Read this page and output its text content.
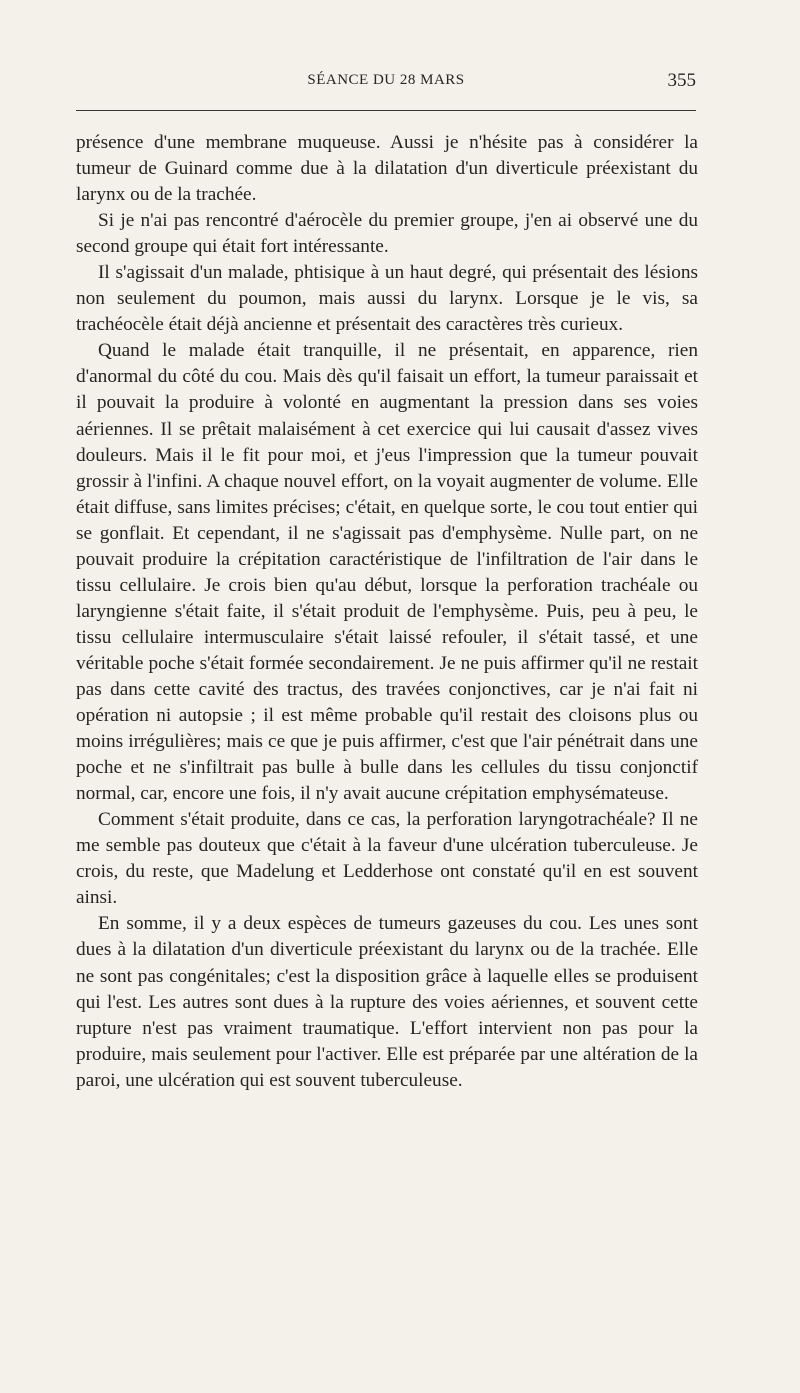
SÉANCE DU 28 MARS	355

présence d'une membrane muqueuse. Aussi je n'hésite pas à considérer la tumeur de Guinard comme due à la dilatation d'un diverticule préexistant du larynx ou de la trachée.

Si je n'ai pas rencontré d'aérocèle du premier groupe, j'en ai observé une du second groupe qui était fort intéressante.

Il s'agissait d'un malade, phtisique à un haut degré, qui présentait des lésions non seulement du poumon, mais aussi du larynx. Lorsque je le vis, sa trachéocèle était déjà ancienne et présentait des caractères très curieux.

Quand le malade était tranquille, il ne présentait, en apparence, rien d'anormal du côté du cou. Mais dès qu'il faisait un effort, la tumeur paraissait et il pouvait la produire à volonté en augmentant la pression dans ses voies aériennes. Il se prêtait malaisément à cet exercice qui lui causait d'assez vives douleurs. Mais il le fit pour moi, et j'eus l'impression que la tumeur pouvait grossir à l'infini. A chaque nouvel effort, on la voyait augmenter de volume. Elle était diffuse, sans limites précises; c'était, en quelque sorte, le cou tout entier qui se gonflait. Et cependant, il ne s'agissait pas d'emphysème. Nulle part, on ne pouvait produire la crépitation caractéristique de l'infiltration de l'air dans le tissu cellulaire. Je crois bien qu'au début, lorsque la perforation trachéale ou laryngienne s'était faite, il s'était produit de l'emphysème. Puis, peu à peu, le tissu cellulaire intermusculaire s'était laissé refouler, il s'était tassé, et une véritable poche s'était formée secondairement. Je ne puis affirmer qu'il ne restait pas dans cette cavité des tractus, des travées conjonctives, car je n'ai fait ni opération ni autopsie ; il est même probable qu'il restait des cloisons plus ou moins irrégulières; mais ce que je puis affirmer, c'est que l'air pénétrait dans une poche et ne s'infiltrait pas bulle à bulle dans les cellules du tissu conjonctif normal, car, encore une fois, il n'y avait aucune crépitation emphysémateuse.

Comment s'était produite, dans ce cas, la perforation laryngotrachéale? Il ne me semble pas douteux que c'était à la faveur d'une ulcération tuberculeuse. Je crois, du reste, que Madelung et Ledderhose ont constaté qu'il en est souvent ainsi.

En somme, il y a deux espèces de tumeurs gazeuses du cou. Les unes sont dues à la dilatation d'un diverticule préexistant du larynx ou de la trachée. Elle ne sont pas congénitales; c'est la disposition grâce à laquelle elles se produisent qui l'est. Les autres sont dues à la rupture des voies aériennes, et souvent cette rupture n'est pas vraiment traumatique. L'effort intervient non pas pour la produire, mais seulement pour l'activer. Elle est préparée par une altération de la paroi, une ulcération qui est souvent tuberculeuse.
